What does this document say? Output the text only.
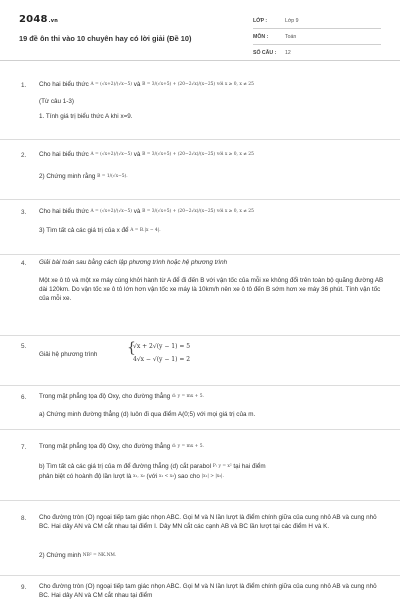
2048.vn
19 đề ôn thi vào 10 chuyên hay có lời giải (Đề 10)
LỚP :	Lớp 9
MÔN :	Toán
SỐ CÂU :	12
1. Cho hai biểu thức A = (√x+2)/(√x−5) và B = 3/(√x+5) + (20−2√x)/(x−25) với x ≥ 0, x ≠ 25
(Từ câu 1-3)
1. Tính giá trị biểu thức A khi x=9.
2. Cho hai biểu thức A = (√x+2)/(√x−5) và B = 3/(√x+5) + (20−2√x)/(x−25) với x ≥ 0, x ≠ 25
2) Chứng minh rằng B = 1/(√x−5).
3. Cho hai biểu thức A = (√x+2)/(√x−5) và B = 3/(√x+5) + (20−2√x)/(x−25) với x ≥ 0, x ≠ 25
3) Tìm tất cả các giá trị của x để A = B.|x − 4|.
4. Giải bài toán sau bằng cách lập phương trình hoặc hệ phương trình
Một xe ô tô và một xe máy cùng khởi hành từ A để đi đến B với vận tốc của mỗi xe không đổi trên toàn bộ quãng đường AB dài 120km. Do vận tốc xe ô tô lớn hơn vận tốc xe máy là 10km/h nên xe ô tô đến B sớm hơn xe máy 36 phút. Tính vận tốc của mỗi xe.
5.
Giải hệ phương trình	{
√x + 2√(y − 1) = 5
4√x − √(y − 1) = 2
6. Trong mặt phẳng tọa độ Oxy, cho đường thẳng d: y = mx + 5.
a) Chứng minh đường thẳng (d) luôn đi qua điểm A(0;5) với mọi giá trị của m.
7. Trong mặt phẳng tọa độ Oxy, cho đường thẳng d: y = mx + 5.
b) Tìm tất cả các giá trị của m để đường thẳng (d) cắt parabol P: y = x² tại hai điểm
phân biệt có hoành độ lần lượt là x₁, x₂ (với x₁ < x₂) sao cho |x₁| > |x₂|.
8. Cho đường tròn (O) ngoại tiếp tam giác nhọn ABC. Gọi M và N lần lượt là điểm chính giữa của cung nhỏ AB và cung nhỏ BC. Hai dây AN và CM cắt nhau tại điểm I. Dây MN cắt các cạnh AB và BC lần lượt tại các điểm H và K.
2) Chứng minh NB² = NK.NM.
9. Cho đường tròn (O) ngoại tiếp tam giác nhọn ABC. Gọi M và N lần lượt là điểm chính giữa của cung nhỏ AB và cung nhỏ BC. Hai dây AN và CM cắt nhau tại điểm
